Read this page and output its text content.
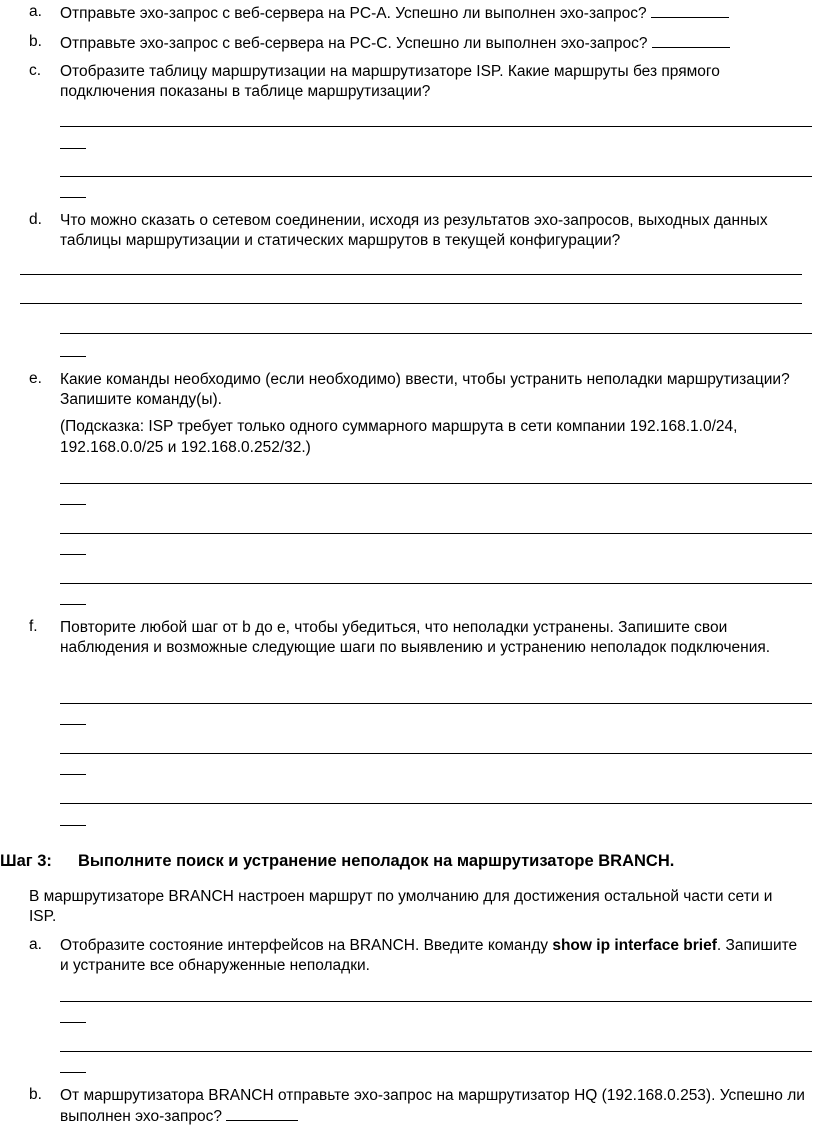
a. Отправьте эхо-запрос с веб-сервера на PC-A. Успешно ли выполнен эхо-запрос?
b. Отправьте эхо-запрос с веб-сервера на PC-C. Успешно ли выполнен эхо-запрос?
c. Отобразите таблицу маршрутизации на маршрутизаторе ISP. Какие маршруты без прямого подключения показаны в таблице маршрутизации?
d. Что можно сказать о сетевом соединении, исходя из результатов эхо-запросов, выходных данных таблицы маршрутизации и статических маршрутов в текущей конфигурации?
e. Какие команды необходимо (если необходимо) ввести, чтобы устранить неполадки маршрутизации? Запишите команду(ы).
(Подсказка: ISP требует только одного суммарного маршрута в сети компании 192.168.1.0/24, 192.168.0.0/25 и 192.168.0.252/32.)
f. Повторите любой шаг от b до e, чтобы убедиться, что неполадки устранены. Запишите свои наблюдения и возможные следующие шаги по выявлению и устранению неполадок подключения.
Шаг 3: Выполните поиск и устранение неполадок на маршрутизаторе BRANCH.
В маршрутизаторе BRANCH настроен маршрут по умолчанию для достижения остальной части сети и ISP.
a. Отобразите состояние интерфейсов на BRANCH. Введите команду show ip interface brief. Запишите и устраните все обнаруженные неполадки.
b. От маршрутизатора BRANCH отправьте эхо-запрос на маршрутизатор HQ (192.168.0.253). Успешно ли выполнен эхо-запрос?
